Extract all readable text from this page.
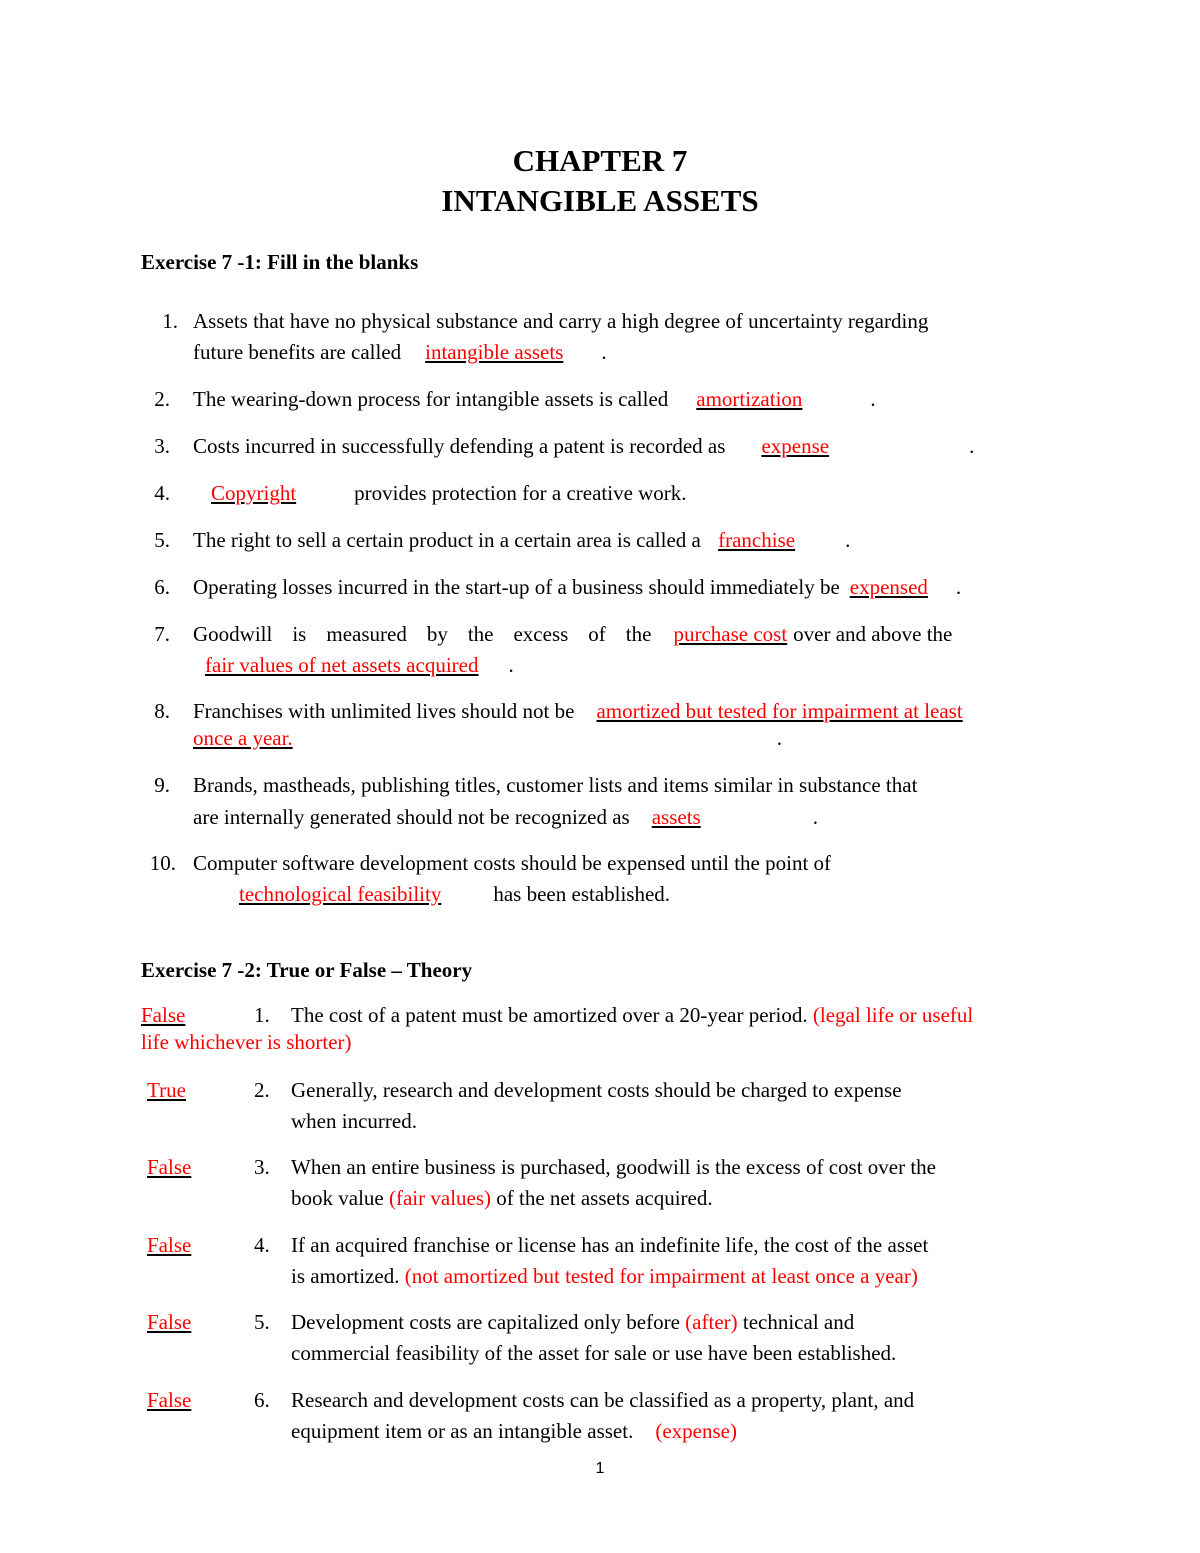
CHAPTER 7
INTANGIBLE ASSETS
Exercise 7 -1: Fill in the blanks
1. Assets that have no physical substance and carry a high degree of uncertainty regarding
future benefits are called intangible assets .
2. The wearing-down process for intangible assets is called amortization	.
3. Costs incurred in successfully defending a patent is recorded as expense	.
4.	Copyright	provides protection for a creative work.
5. The right to sell a certain product in a certain area is called a franchise .
6. Operating losses incurred in the start-up of a business should immediately be expensed .
7. Goodwill is measured by the excess of the purchase cost over and above the
fair values of net assets acquired .
8. Franchises with unlimited lives should not be amortized but tested for impairment at least
once a year.	.
9. Brands, mastheads, publishing titles, customer lists and items similar in substance that
are internally generated should not be recognized as assets	.
10. Computer software development costs should be expensed until the point of
technological feasibility has been established.
Exercise 7 -2: True or False – Theory
False	1. The cost of a patent must be amortized over a 20-year period. (legal life or useful
life whichever is shorter)
True	2. Generally, research and development costs should be charged to expense
when incurred.
False	3. When an entire business is purchased, goodwill is the excess of cost over the
book value (fair values) of the net assets acquired.
False	4. If an acquired franchise or license has an indefinite life, the cost of the asset
is amortized. (not amortized but tested for impairment at least once a year)
False	5. Development costs are capitalized only before (after) technical and
commercial feasibility of the asset for sale or use have been established.
False	6. Research and development costs can be classified as a property, plant, and
equipment item or as an intangible asset. (expense)
1
